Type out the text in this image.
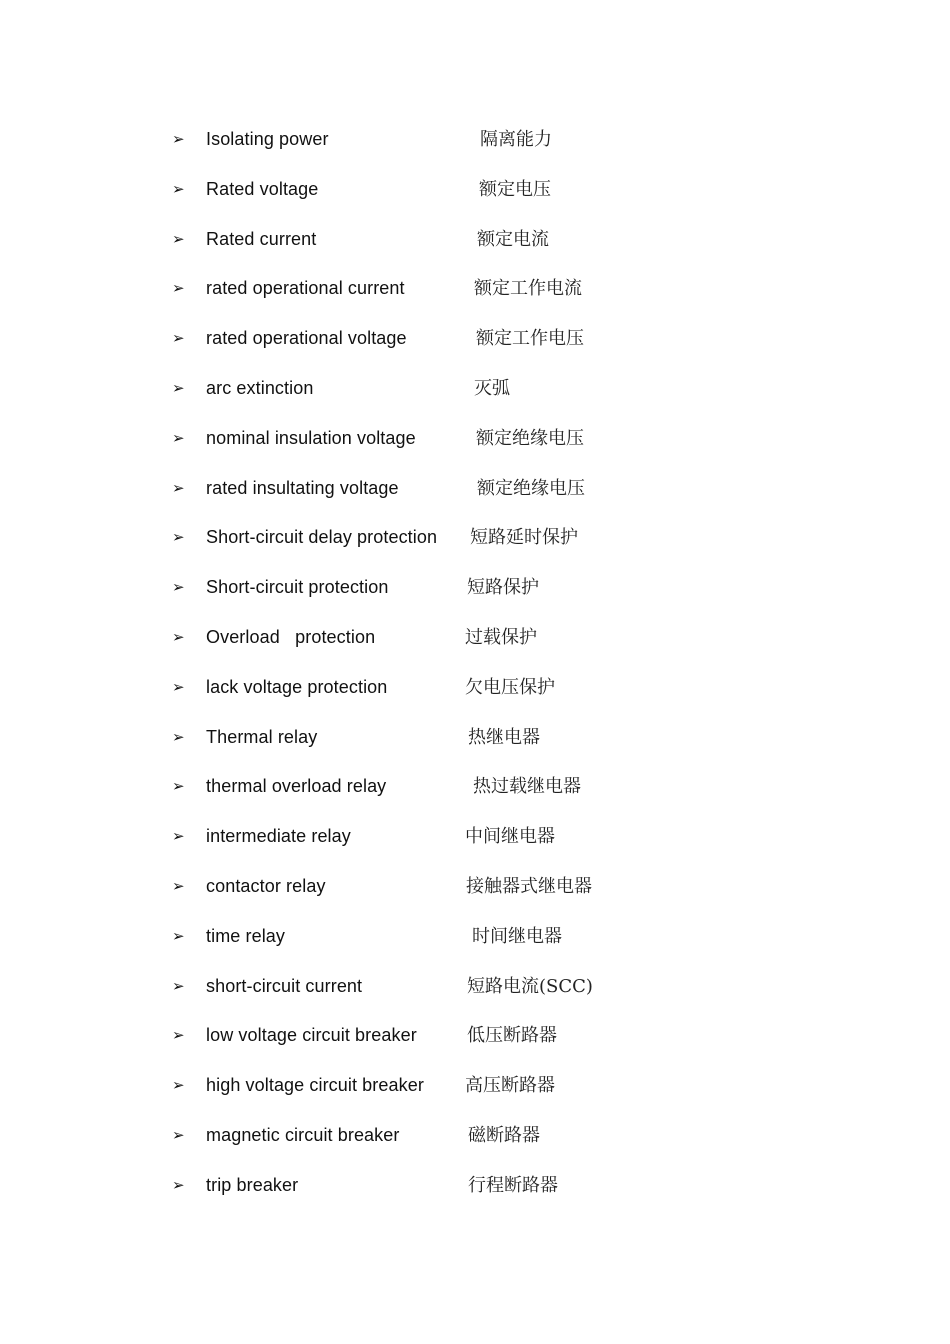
➢	Isolating power	隔离能力
➢	Rated voltage	额定电压
➢	Rated current	额定电流
➢	rated operational current	额定工作电流
➢	rated operational voltage	额定工作电压
➢	arc extinction	灭弧
➢	nominal insulation voltage	额定绝缘电压
➢	rated insultating voltage	额定绝缘电压
➢	Short-circuit delay protection 短路延时保护
➢	Short-circuit protection	短路保护
➢	Overload   protection	过载保护
➢	lack voltage protection	欠电压保护
➢	Thermal relay	热继电器
➢	thermal overload relay	热过载继电器
➢	intermediate relay	中间继电器
➢	contactor relay	接触器式继电器
➢	time relay	时间继电器
➢	short-circuit current	短路电流(SCC)
➢	low voltage circuit breaker	低压断路器
➢	high voltage circuit breaker 高压断路器
➢	magnetic circuit breaker	磁断路器
➢	trip breaker	行程断路器
